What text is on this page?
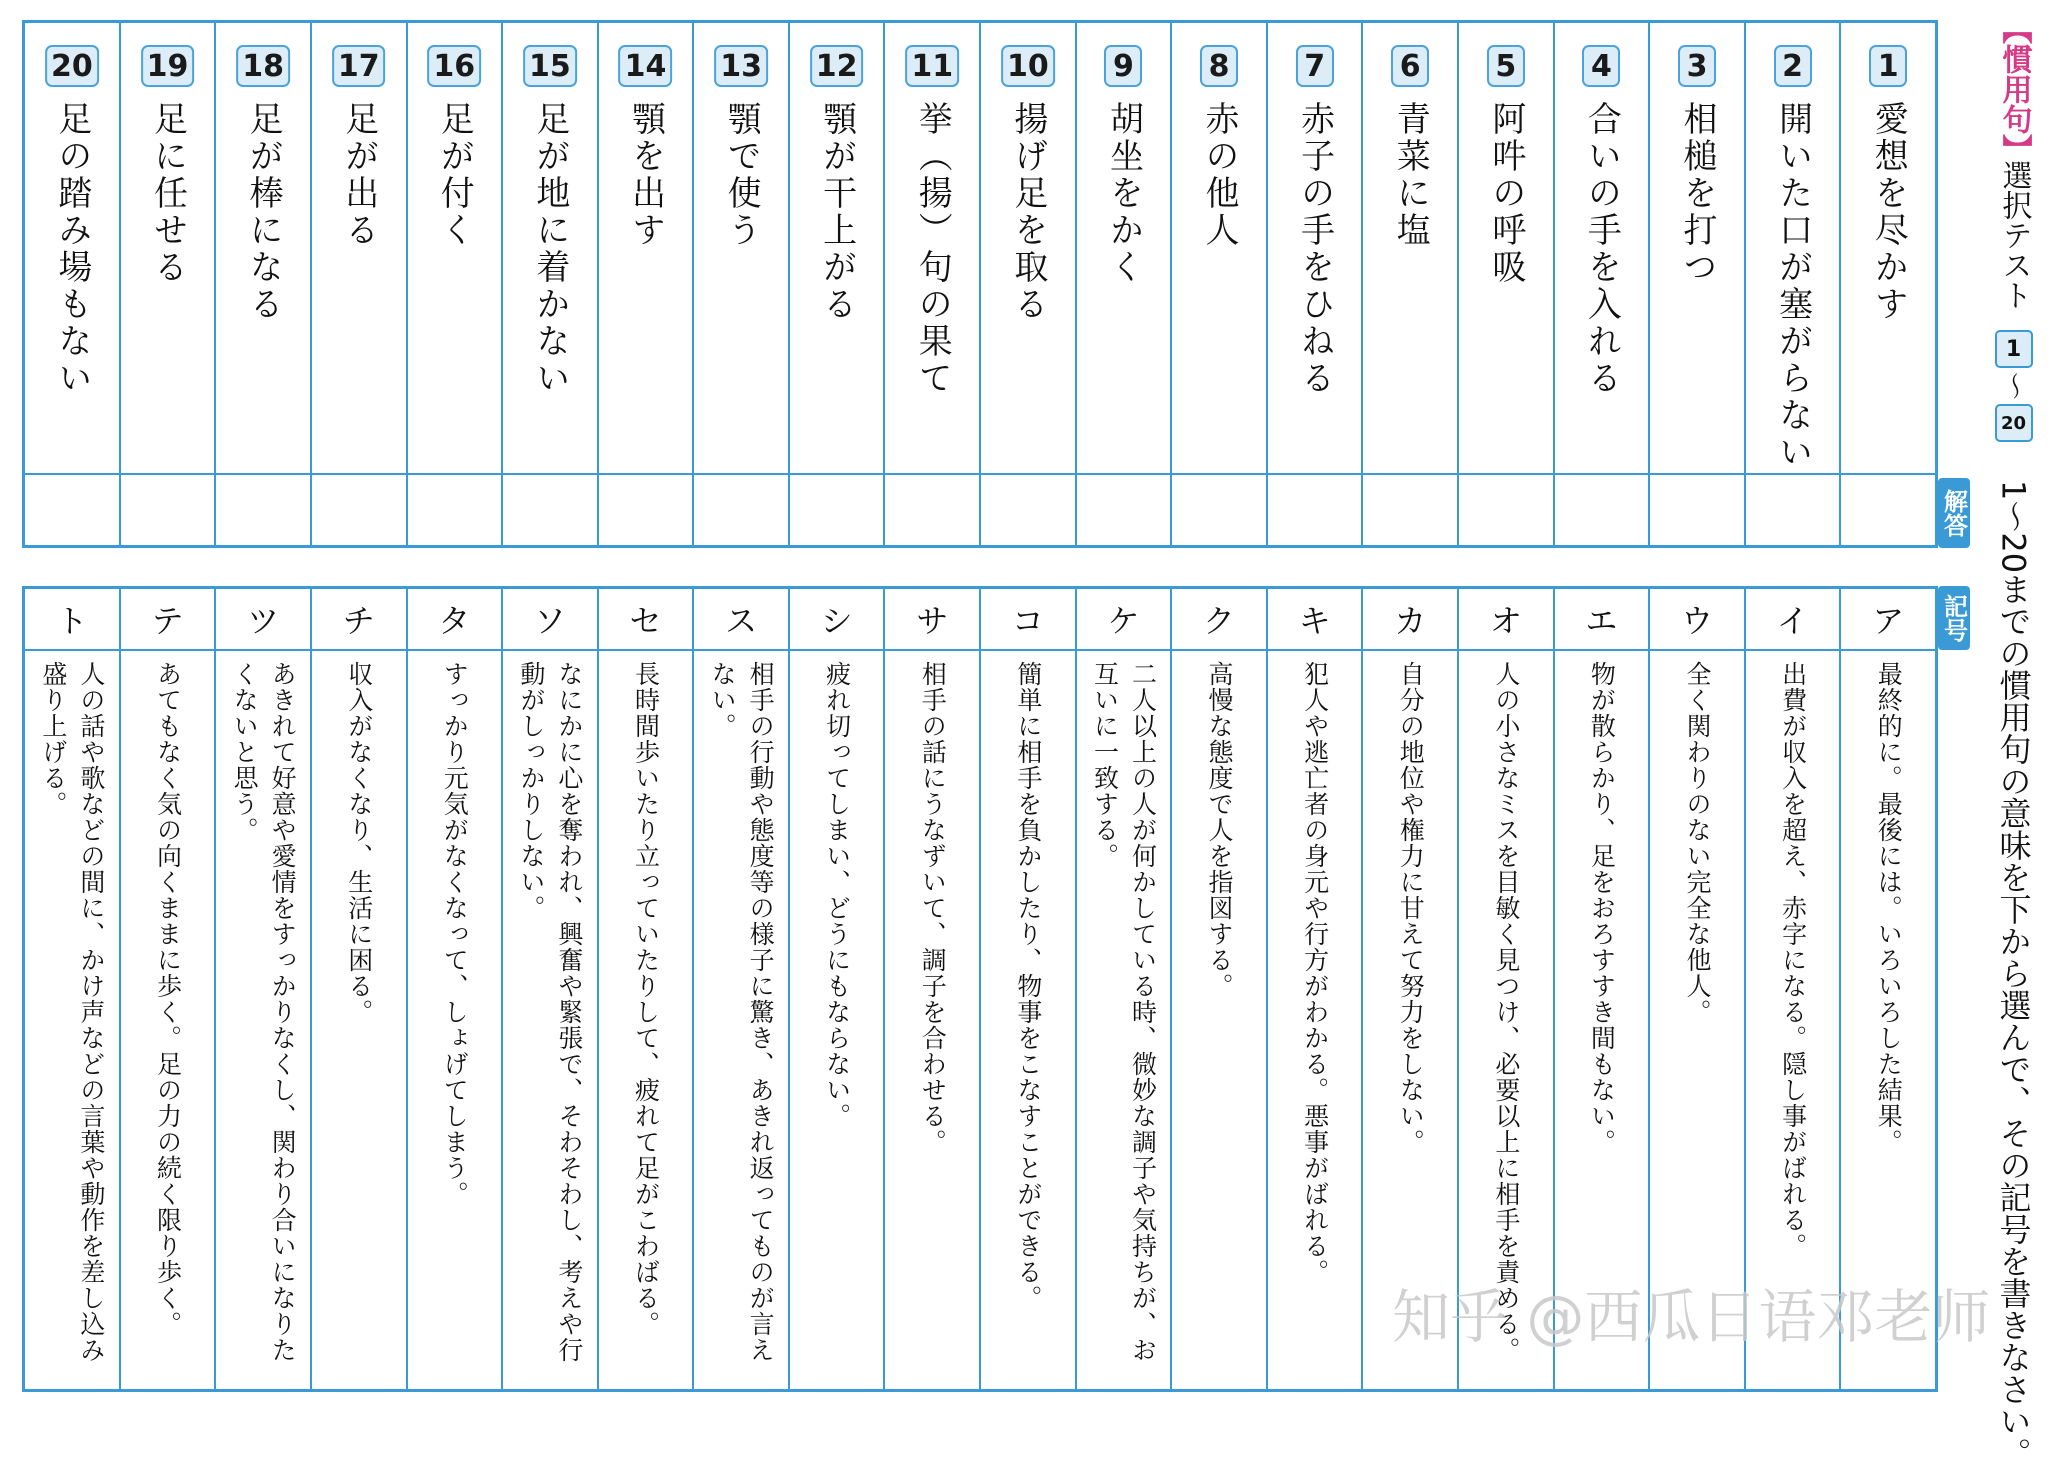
1
愛想を尽かす
2
開いた口が塞がらない
3
相槌を打つ
4
合いの手を入れる
5
阿吽の呼吸
6
青菜に塩
7
赤子の手をひねる
8
赤の他人
9
胡坐をかく
10
揚げ足を取る
11
挙（揚）句の果て
12
顎が干上がる
13
顎で使う
14
顎を出す
15
足が地に着かない
16
足が付く
17
足が出る
18
足が棒になる
19
足に任せる
20
足の踏み場もない
解答
記号
ア
最終的に。最後には。いろいろした結果。
イ
出費が収入を超え、赤字になる。隠し事がばれる。
ウ
全く関わりのない完全な他人。
エ
物が散らかり、足をおろすすき間もない。
オ
人の小さなミスを目敏く見つけ、必要以上に相手を責める。
カ
自分の地位や権力に甘えて努力をしない。
キ
犯人や逃亡者の身元や行方がわかる。悪事がばれる。
ク
高慢な態度で人を指図する。
ケ
二人以上の人が何かしている時、微妙な調子や気持ちが、お互いに一致する。
コ
簡単に相手を負かしたり、物事をこなすことができる。
サ
相手の話にうなずいて、調子を合わせる。
シ
疲れ切ってしまい、どうにもならない。
ス
相手の行動や態度等の様子に驚き、あきれ返ってものが言えない。
セ
長時間歩いたり立っていたりして、疲れて足がこわばる。
ソ
なにかに心を奪われ、興奮や緊張で、そわそわし、考えや行動がしっかりしない。
タ
すっかり元気がなくなって、しょげてしまう。
チ
収入がなくなり、生活に困る。
ツ
あきれて好意や愛情をすっかりなくし、関わり合いになりたくないと思う。
テ
あてもなく気の向くままに歩く。足の力の続く限り歩く。
ト
人の話や歌などの間に、かけ声などの言葉や動作を差し込み盛り上げる。
【慣用句】
選択テスト
1
～
20
1～20までの慣用句の意味を下から選んで、その記号を書きなさい。
知乎 @西瓜日语邓老师
